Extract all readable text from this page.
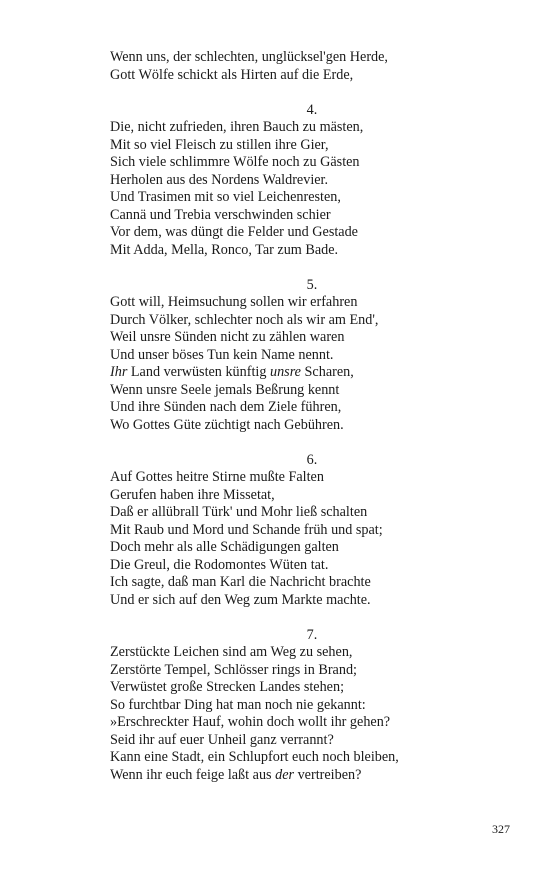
Wenn uns, der schlechten, unglücksel'gen Herde,
Gott Wölfe schickt als Hirten auf die Erde,
4.
Die, nicht zufrieden, ihren Bauch zu mästen,
Mit so viel Fleisch zu stillen ihre Gier,
Sich viele schlimmre Wölfe noch zu Gästen
Herholen aus des Nordens Waldrevier.
Und Trasimen mit so viel Leichenresten,
Cannä und Trebia verschwinden schier
Vor dem, was düngt die Felder und Gestade
Mit Adda, Mella, Ronco, Tar zum Bade.
5.
Gott will, Heimsuchung sollen wir erfahren
Durch Völker, schlechter noch als wir am End',
Weil unsre Sünden nicht zu zählen waren
Und unser böses Tun kein Name nennt.
Ihr Land verwüsten künftig unsre Scharen,
Wenn unsre Seele jemals Beßrung kennt
Und ihre Sünden nach dem Ziele führen,
Wo Gottes Güte züchtigt nach Gebühren.
6.
Auf Gottes heitre Stirne mußte Falten
Gerufen haben ihre Missetat,
Daß er allübrall Türk' und Mohr ließ schalten
Mit Raub und Mord und Schande früh und spat;
Doch mehr als alle Schädigungen galten
Die Greul, die Rodomontes Wüten tat.
Ich sagte, daß man Karl die Nachricht brachte
Und er sich auf den Weg zum Markte machte.
7.
Zerstückte Leichen sind am Weg zu sehen,
Zerstörte Tempel, Schlösser rings in Brand;
Verwüstet große Strecken Landes stehen;
So furchtbar Ding hat man noch nie gekannt:
»Erschreckter Hauf, wohin doch wollt ihr gehen?
Seid ihr auf euer Unheil ganz verrannt?
Kann eine Stadt, ein Schlupfort euch noch bleiben,
Wenn ihr euch feige laßt aus der vertreiben?
327
